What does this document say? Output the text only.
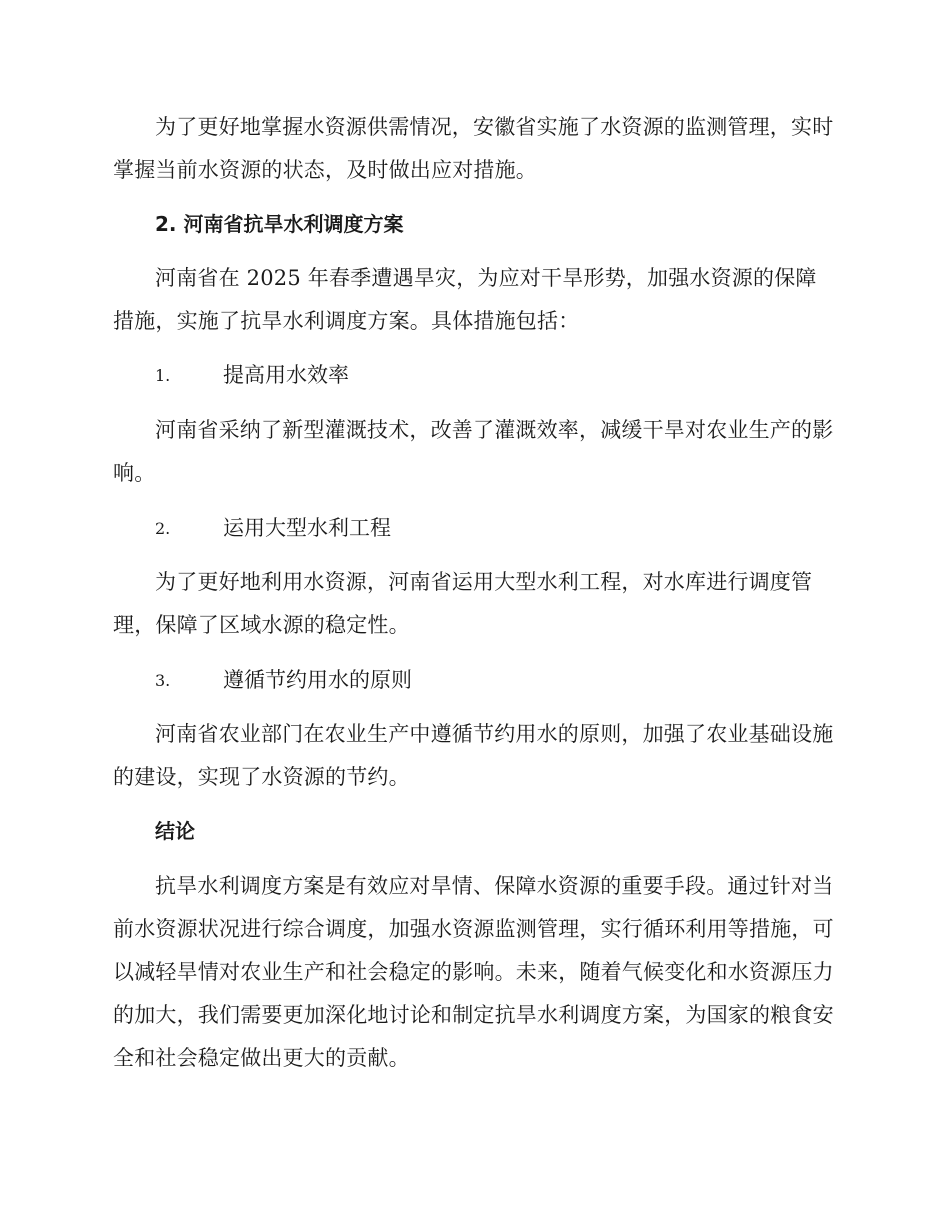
为了更好地掌握水资源供需情况，安徽省实施了水资源的监测管理，实时掌握当前水资源的状态，及时做出应对措施。

2. 河南省抗旱水利调度方案

河南省在 2025 年春季遭遇旱灾，为应对干旱形势，加强水资源的保障措施，实施了抗旱水利调度方案。具体措施包括：

1.	提高用水效率

河南省采纳了新型灌溉技术，改善了灌溉效率，减缓干旱对农业生产的影响。

2.	运用大型水利工程

为了更好地利用水资源，河南省运用大型水利工程，对水库进行调度管理，保障了区域水源的稳定性。

3.	遵循节约用水的原则

河南省农业部门在农业生产中遵循节约用水的原则，加强了农业基础设施的建设，实现了水资源的节约。

结论

抗旱水利调度方案是有效应对旱情、保障水资源的重要手段。通过针对当前水资源状况进行综合调度，加强水资源监测管理，实行循环利用等措施，可以减轻旱情对农业生产和社会稳定的影响。未来，随着气候变化和水资源压力的加大，我们需要更加深化地讨论和制定抗旱水利调度方案，为国家的粮食安全和社会稳定做出更大的贡献。
